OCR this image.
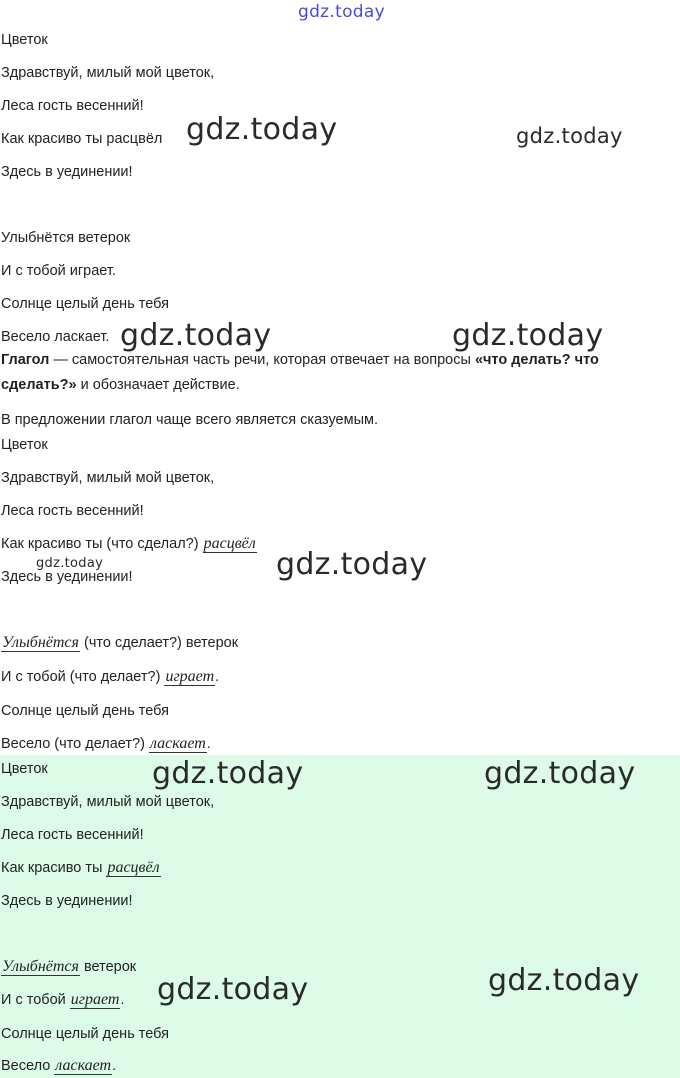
gdz.today
gdz.today	gdz.today
gdz.today	gdz.today
gdz.today	gdz.today
Цветок
Здравствуй, милый мой цветок,
Леса гость весенний!
Как красиво ты расцвёл
Здесь в уединении!
Улыбнётся ветерок
И с тобой играет.
Солнце целый день тебя
Весело ласкает.
Глагол — самостоятельная часть речи, которая отвечает на вопросы «что делать? что сделать?» и обозначает действие.
В предложении глагол чаще всего является сказуемым.
Цветок
Здравствуй, милый мой цветок,
Леса гость весенний!
Как красиво ты (что сделал?) расцвёл
Здесь в уединении!
Улыбнётся (что сделает?) ветерок
И с тобой (что делает?) играет.
Солнце целый день тебя
Весело (что делает?) ласкает.
Цветок
Здравствуй, милый мой цветок,
Леса гость весенний!
Как красиво ты расцвёл
Здесь в уединении!
Улыбнётся ветерок
И с тобой играет.
Солнце целый день тебя
Весело ласкает.
gdz.today	gdz.today
gdz.today
gdz.today
